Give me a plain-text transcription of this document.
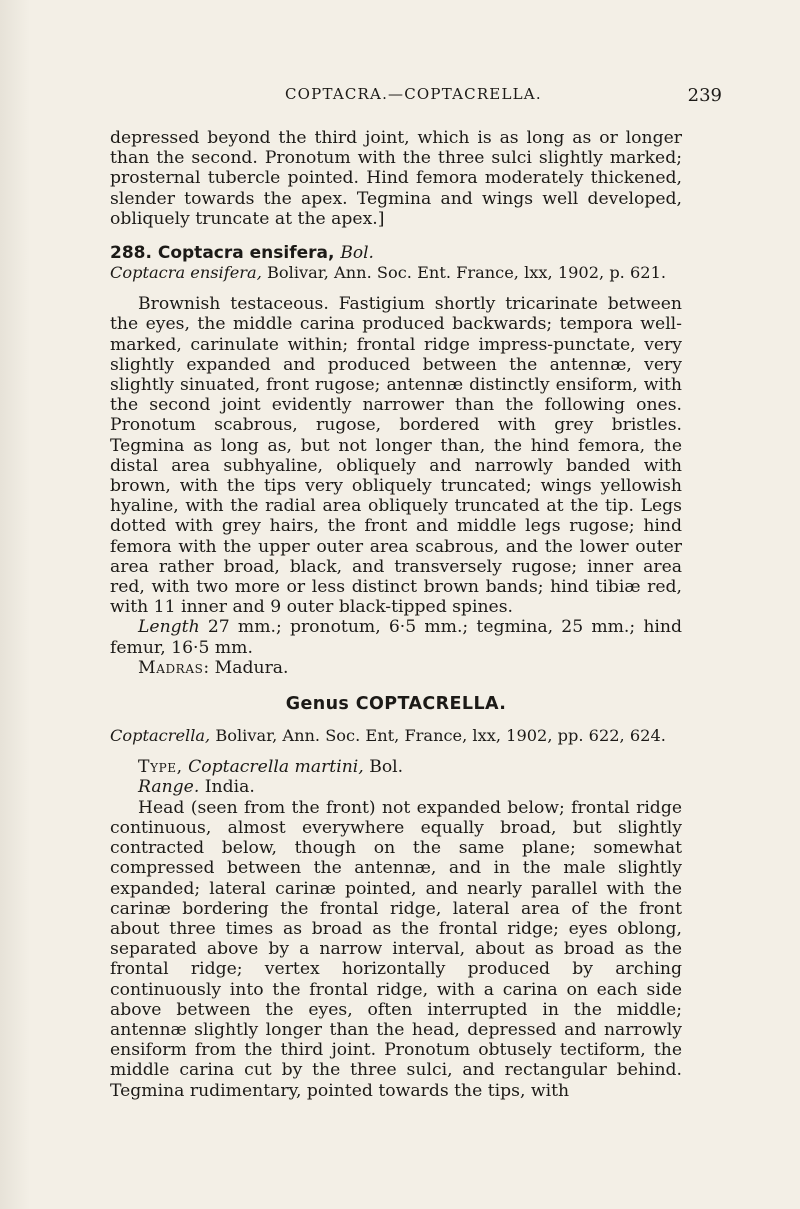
COPTACRA.—COPTACRELLA.	239

depressed beyond the third joint, which is as long as or longer than the second. Pronotum with the three sulci slightly marked; prosternal tubercle pointed. Hind femora moderately thickened, slender towards the apex. Tegmina and wings well developed, obliquely truncate at the apex.]

288. Coptacra ensifera, Bol.

Coptacra ensifera, Bolivar, Ann. Soc. Ent. France, lxx, 1902, p. 621.

Brownish testaceous. Fastigium shortly tricarinate between the eyes, the middle carina produced backwards; tempora well-marked, carinulate within; frontal ridge impress-punctate, very slightly expanded and produced between the antennæ, very slightly sinuated, front rugose; antennæ distinctly ensiform, with the second joint evidently narrower than the following ones. Pronotum scabrous, rugose, bordered with grey bristles. Tegmina as long as, but not longer than, the hind femora, the distal area subhyaline, obliquely and narrowly banded with brown, with the tips very obliquely truncated; wings yellowish hyaline, with the radial area obliquely truncated at the tip. Legs dotted with grey hairs, the front and middle legs rugose; hind femora with the upper outer area scabrous, and the lower outer area rather broad, black, and transversely rugose; inner area red, with two more or less distinct brown bands; hind tibiæ red, with 11 inner and 9 outer black-tipped spines.

Length 27 mm.; pronotum, 6·5 mm.; tegmina, 25 mm.; hind femur, 16·5 mm.

Madras: Madura.

Genus COPTACRELLA.

Coptacrella, Bolivar, Ann. Soc. Ent, France, lxx, 1902, pp. 622, 624.

Type, Coptacrella martini, Bol.

Range. India.

Head (seen from the front) not expanded below; frontal ridge continuous, almost everywhere equally broad, but slightly contracted below, though on the same plane; somewhat compressed between the antennæ, and in the male slightly expanded; lateral carinæ pointed, and nearly parallel with the carinæ bordering the frontal ridge, lateral area of the front about three times as broad as the frontal ridge; eyes oblong, separated above by a narrow interval, about as broad as the frontal ridge; vertex horizontally produced by arching continuously into the frontal ridge, with a carina on each side above between the eyes, often interrupted in the middle; antennæ slightly longer than the head, depressed and narrowly ensiform from the third joint. Pronotum obtusely tectiform, the middle carina cut by the three sulci, and rectangular behind. Tegmina rudimentary, pointed towards the tips, with
